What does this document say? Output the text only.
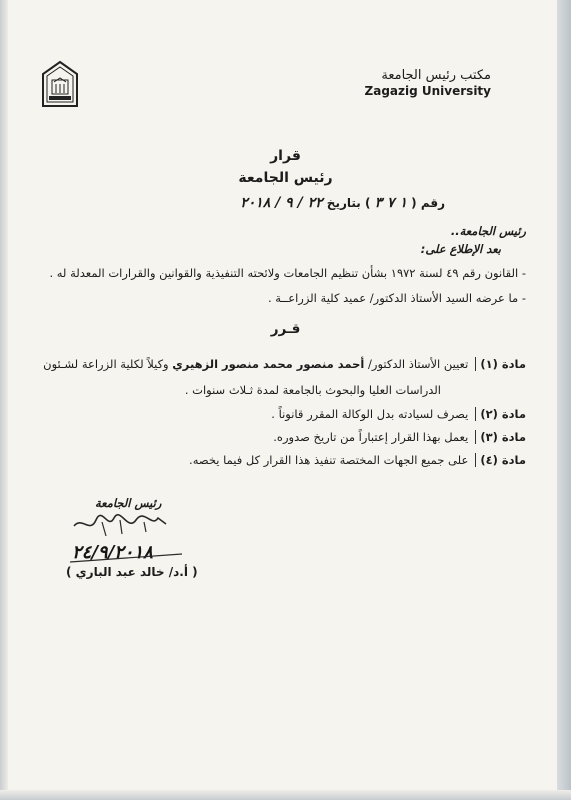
مكتب رئيس الجامعة
Zagazig University
قرار
رئيس الجامعة
رقم ( ١ ٧ ٣ ) بتاريخ ٢٢ / ٩ / ٢٠١٨
رئيس الجامعة..
بعد الإطلاع على:
- القانون رقم ٤٩ لسنة ١٩٧٢ بشأن تنظيم الجامعات ولائحته التنفيذية والقوانين والقرارات المعدلة له .
- ما عرضه السيد الأستاذ الدكتور/ عميد كلية الزراعــة .
قـرر
مادة (١)تعيين الأستاذ الدكتور/ أحمد منصور محمد منصور الزهيري وكيلاً لكلية الزراعة لشـئون
الدراسات العليا والبحوث بالجامعة لمدة ثـلاث سنوات .
مادة (٢)يصرف لسيادته بدل الوكالة المقرر قانوناً .
مادة (٣)يعمل بهذا القرار إعتباراً من تاريخ صدوره.
مادة (٤)على جميع الجهات المختصة تنفيذ هذا القرار كل فيما يخصه.
رئيس الجامعة
٢٤/٩/٢٠١٨
( أ.د/ خالد عبد الباري )
